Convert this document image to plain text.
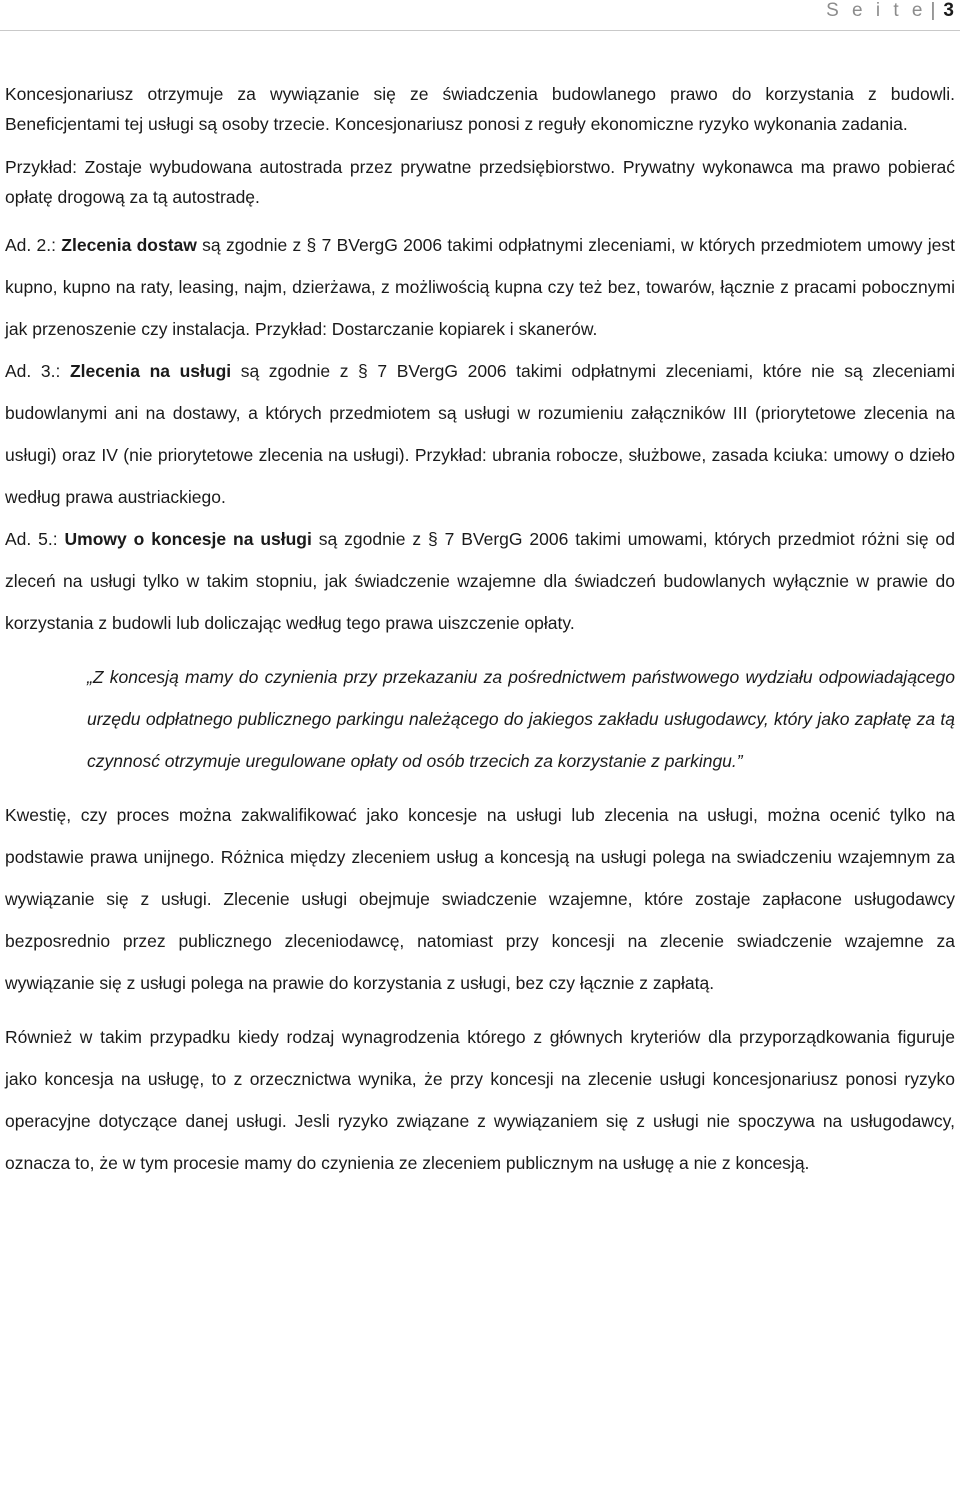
S e i t e | 3

Koncesjonariusz otrzymuje za wywiązanie się ze świadczenia budowlanego prawo do korzystania z budowli. Beneficjentami tej usługi są osoby trzecie. Koncesjonariusz ponosi z reguły ekonomiczne ryzyko wykonania zadania.

Przykład: Zostaje wybudowana autostrada przez prywatne przedsiębiorstwo. Prywatny wykonawca ma prawo pobierać opłatę drogową za tą autostradę.

Ad. 2.: Zlecenia dostaw są zgodnie z § 7 BVergG 2006 takimi odpłatnymi zleceniami, w których przedmiotem umowy jest kupno, kupno na raty, leasing, najm, dzierżawa, z możliwością kupna czy też bez, towarów, łącznie z pracami pobocznymi jak przenoszenie czy instalacja. Przykład: Dostarczanie kopiarek i skanerów.

Ad. 3.: Zlecenia na usługi są zgodnie z § 7 BVergG 2006 takimi odpłatnymi zleceniami, które nie są zleceniami budowlanymi ani na dostawy, a których przedmiotem są usługi w rozumieniu załączników III (priorytetowe zlecenia na usługi) oraz IV (nie priorytetowe zlecenia na usługi). Przykład: ubrania robocze, służbowe, zasada kciuka: umowy o dzieło według prawa austriackiego.

Ad. 5.: Umowy o koncesje na usługi są zgodnie z § 7 BVergG 2006 takimi umowami, których przedmiot różni się od zleceń na usługi tylko w takim stopniu, jak świadczenie wzajemne dla świadczeń budowlanych wyłącznie w prawie do korzystania z budowli lub doliczając według tego prawa uiszczenie opłaty.

„Z koncesją mamy do czynienia przy przekazaniu za pośrednictwem państwowego wydziału odpowiadającego urzędu odpłatnego publicznego parkingu należącego do jakiegos zakładu usługodawcy, który jako zapłatę za tą czynnosć otrzymuje uregulowane opłaty od osób trzecich za korzystanie z parkingu.”

Kwestię, czy proces można zakwalifikować jako koncesje na usługi lub zlecenia na usługi, można ocenić tylko na podstawie prawa unijnego. Różnica między zleceniem usług a koncesją na usługi polega na swiadczeniu wzajemnym za wywiązanie się z usługi. Zlecenie usługi obejmuje swiadczenie wzajemne, które zostaje zapłacone usługodawcy bezposrednio przez publicznego zleceniodawcę, natomiast przy koncesji na zlecenie swiadczenie wzajemne za wywiązanie się z usługi polega na prawie do korzystania z usługi, bez czy łącznie z zapłatą.

Również w takim przypadku kiedy rodzaj wynagrodzenia którego z głównych kryteriów dla przyporządkowania figuruje jako koncesja na usługę, to z orzecznictwa wynika, że przy koncesji na zlecenie usługi koncesjonariusz ponosi ryzyko operacyjne dotyczące danej usługi. Jesli ryzyko związane z wywiązaniem się z usługi nie spoczywa na usługodawcy, oznacza to, że w tym procesie mamy do czynienia ze zleceniem publicznym na usługę a nie z koncesją.
